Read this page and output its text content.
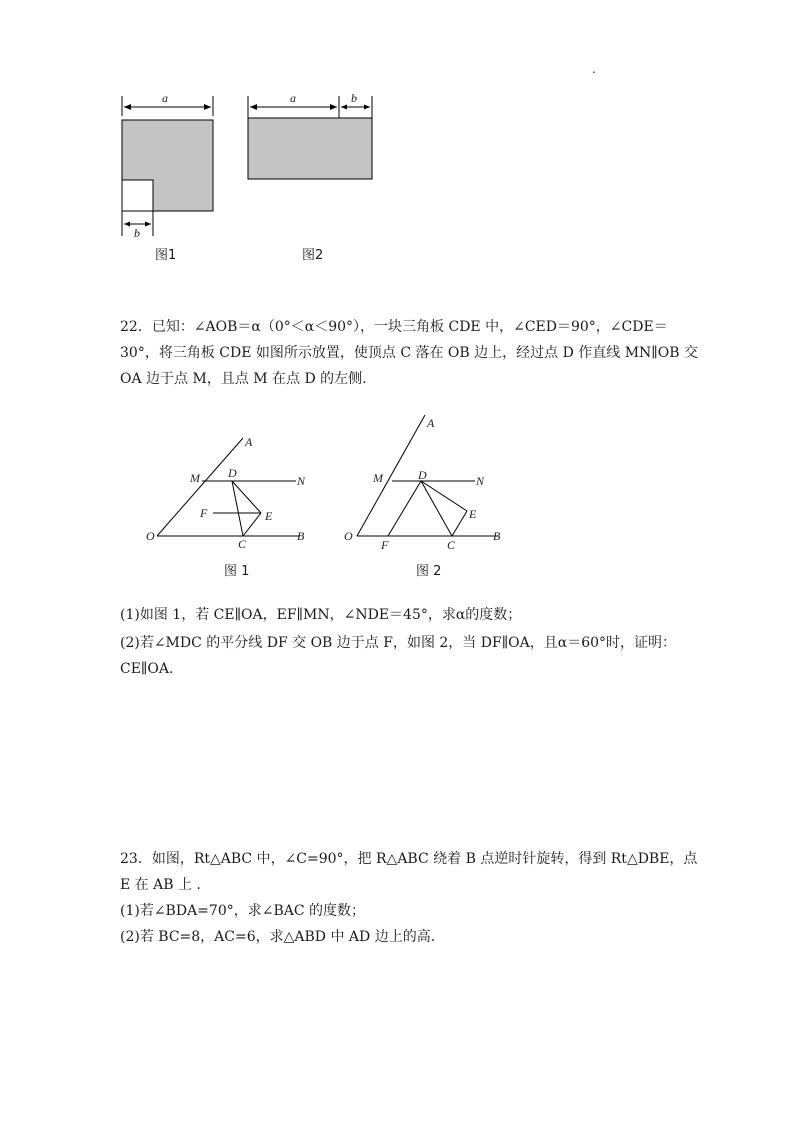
.
a
b
a	b
图1	图2
22．已知：∠AOB＝α（0°＜α＜90°），一块三角板 CDE 中，∠CED＝90°，∠CDE＝
30°，将三角板 CDE 如图所示放置，使顶点 C 落在 OB 边上，经过点 D 作直线 MN∥OB 交
OA 边于点 M，且点 M 在点 D 的左侧.
A
M D
N
F	E
O
C
B
A
M	D	N
E
O
F	C
B
图 1	图 2
(1)如图 1，若 CE∥OA，EF∥MN，∠NDE＝45°，求α的度数；
(2)若∠MDC 的平分线 DF 交 OB 边于点 F，如图 2，当 DF∥OA，且α＝60°时，证明：
CE∥OA.
23．如图，Rt△ABC 中，∠C=90°，把 R△ABC 绕着 B 点逆时针旋转，得到 Rt△DBE，点
E 在 AB 上 .
(1)若∠BDA=70°，求∠BAC 的度数；
(2)若 BC=8，AC=6，求△ABD 中 AD 边上的高.
